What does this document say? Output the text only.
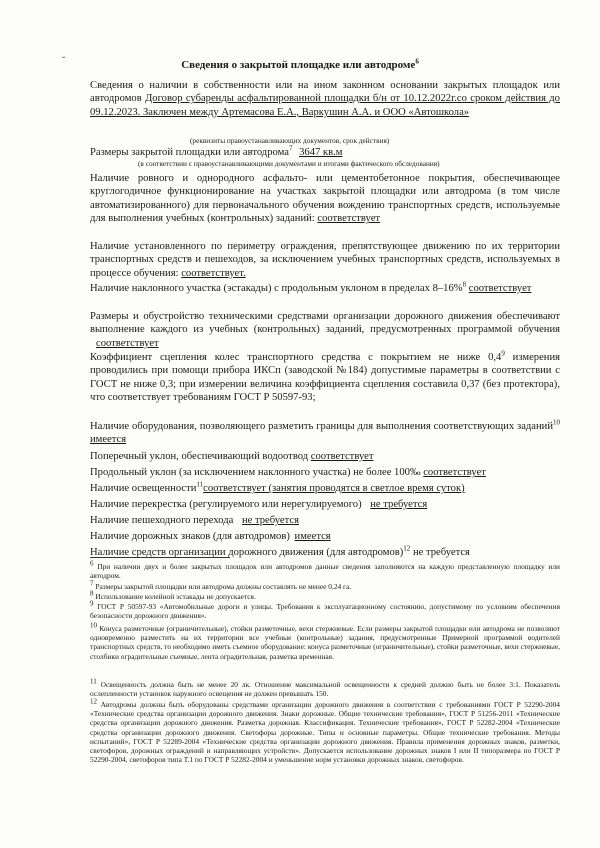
ˇ	Сведения о закрытой площадке или автодроме$^6$
Сведения о наличии в собственности или на ином законном основании закрытых площадок или автодромов Договор субаренды асфальтированной площадки б/н от 10.12.2022г.со сроком действия до 09.12.2023. Заключен между Артемасова Е.А., Варкушин А.А. и ООО «Автошкола»
(реквизиты правоустанавливающих документов, срок действия)
Размеры закрытой площадки или автодрома$^7$ 3647 кв.м
(в соответствии с правоустанавливающими документами и итогами фактического обследования)
Наличие ровного и однородного асфальто- или цементобетонное покрытия, обеспечивающее круглогодичное функционирование на участках закрытой площадки или автодрома (в том числе автоматизированного) для первоначального обучения вождению транспортных средств, используемые для выполнения учебных (контрольных) заданий: соответствует
Наличие установленного по периметру ограждения, препятствующее движению по их территории транспортных средств и пешеходов, за исключением учебных транспортных средств, используемых в процессе обучения: соответствует.
Наличие наклонного участка (эстакады) с продольным уклоном в пределах 8–16%$^8$ соответствует
Размеры и обустройство техническими средствами организации дорожного движения обеспечивают выполнение каждого из учебных (контрольных) заданий, предусмотренных программой обучения соответствует
Коэффициент сцепления колес транспортного средства с покрытием не ниже $0,4^9$ измерения проводились при помощи прибора ИКСп (заводской №184) допустимые параметры в соответствии с ГОСТ не ниже 0,3; при измерении величина коэффициента сцепления составила 0,37 (без протектора), что соответствует требованиям ГОСТ Р 50597-93;
Наличие оборудования, позволяющего разметить границы для выполнения соответствующих заданий$^{10}$ имеется
Поперечный уклон, обеспечивающий водоотвод соответствует
Продольный уклон (за исключением наклонного участка) не более 100‰ соответствует
Наличие освещенности$^{11}$соответствует (занятия проводятся в светлое время суток)
Наличие перекрестка (регулируемого или нерегулируемого) не требуется
Наличие пешеходного перехода не требуется
Наличие дорожных знаков (для автодромов) имеется
Наличие средств организации дорожного движения (для автодромов)$^{12}$ не требуется
$^6$ При наличии двух и более закрытых площадок или автодромов данные сведения заполняются на каждую представленную площадку или автодром.
$^7$ Размеры закрытой площадки или автодрома должны составлять не менее 0,24 га.
$^8$ Использование колейной эстакады не допускается.
$^9$ ГОСТ Р 50597-93 «Автомобильные дороги и улицы. Требования к эксплуатационному состоянию, допустимому по условиям обеспечения безопасности дорожного движения».
$^{10}$ Конуса разметочные (ограничительные), стойки разметочные, вехи стержневые. Если размеры закрытой площадки или автодрома не позволяют одновременно разместить на их территории все учебные (контрольные) задания, предусмотренные Примерной программой водителей транспортных средств, то необходимо иметь съемное оборудование: конуса разметочные (ограничительные), стойки разметочные, вехи стержневые, столбики оградительные съемные, лента оградительная, разметка временная.
$^{11}$ Освещенность должна быть не менее 20 лк. Отношение максимальной освещенности к средней должно быть не более 3:1. Показатель ослепленности установок наружного освещения не должен превышать 150.
$^{12}$ Автодромы должны быть оборудованы средствами организации дорожного движения в соответствии с требованиями ГОСТ Р 52290-2004 «Технические средства организации дорожного движения. Знаки дорожные. Общие технические требования», ГОСТ Р 51256-2011 «Технические средства организации дорожного движения. Разметка дорожная. Классификация. Технические требования», ГОСТ Р 52282-2004 «Технические средства организации дорожного движения. Светофоры дорожные. Типы и основные параметры. Общие технические требования. Методы испытаний», ГОСТ Р 52289-2004 «Технические средства организации дорожного движения. Правила применения дорожных знаков, разметки, светофоров, дорожных ограждений и направляющих устройств». Допускается использование дорожных знаков I или II типоразмера по ГОСТ Р 52290-2004, светофоров типа Т.1 по ГОСТ Р 52282-2004 и уменьшение норм установки дорожных знаков, светофоров.
